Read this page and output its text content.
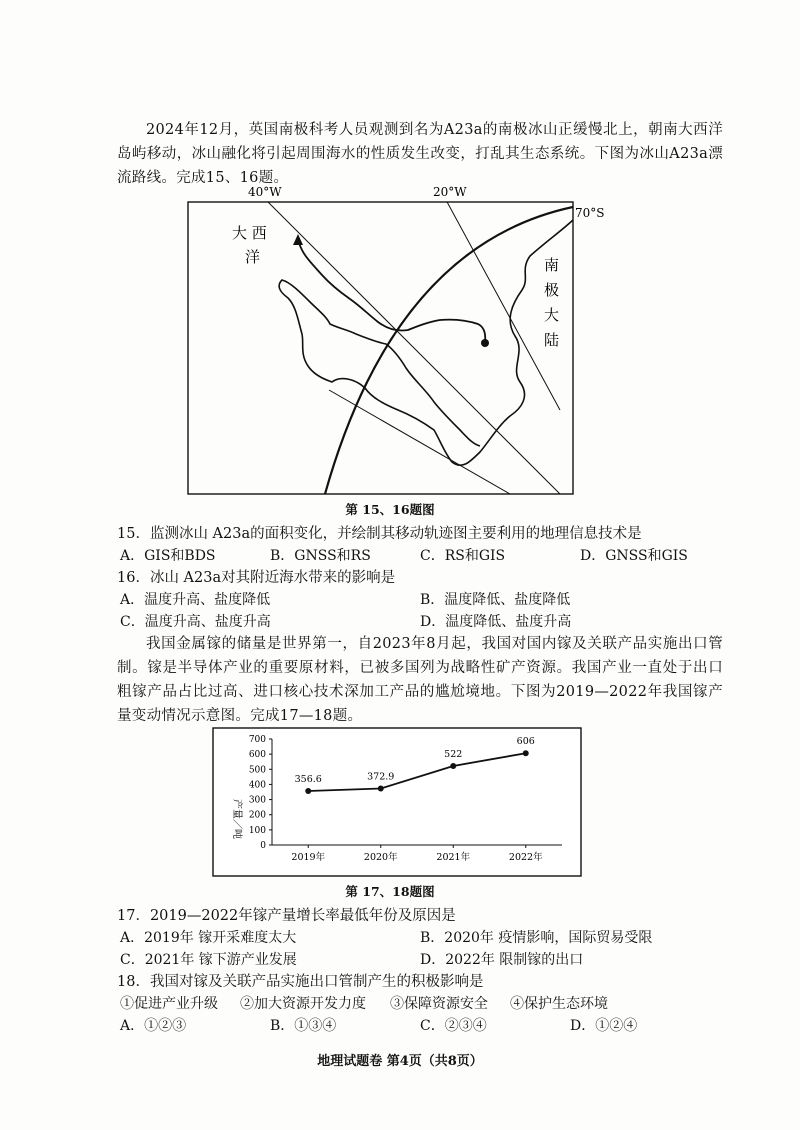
2024年12月，英国南极科考人员观测到名为A23a的南极冰山正缓慢北上，朝南大西洋岛屿移动，冰山融化将引起周围海水的性质发生改变，打乱其生态系统。下图为冰山A23a漂流路线。完成15、16题。

40°W	20°W
70°S
大 西
洋	南
极
大
陆
第 15、16题图
15．监测冰山 A23a的面积变化，并绘制其移动轨迹图主要利用的地理信息技术是
A．GIS和BDS	B．GNSS和RS	C．RS和GIS	D．GNSS和GIS
16．冰山 A23a对其附近海水带来的影响是
A．温度升高、盐度降低	B．温度降低、盐度降低
C．温度升高、盐度升高	D．温度降低、盐度升高

我国金属镓的储量是世界第一，自2023年8月起，我国对国内镓及关联产品实施出口管制。镓是半导体产业的重要原材料，已被多国列为战略性矿产资源。我国产业一直处于出口粗镓产品占比过高、进口核心技术深加工产品的尴尬境地。下图为2019—2022年我国镓产量变动情况示意图。完成17—18题。

产量／吨
0
100
200
300
400
500
600
700
2019年	2020年	2021年	2022年
356.6	372.9
522
606
第 17、18题图
17．2019—2022年镓产量增长率最低年份及原因是
A．2019年 镓开采难度太大	B．2020年 疫情影响，国际贸易受限
C．2021年 镓下游产业发展	D．2022年 限制镓的出口
18．我国对镓及关联产品实施出口管制产生的积极影响是
①促进产业升级	②加大资源开发力度	③保障资源安全	④保护生态环境
A．①②③	B．①③④	C．②③④	D．①②④
地理试题卷 第4页（共8页）
